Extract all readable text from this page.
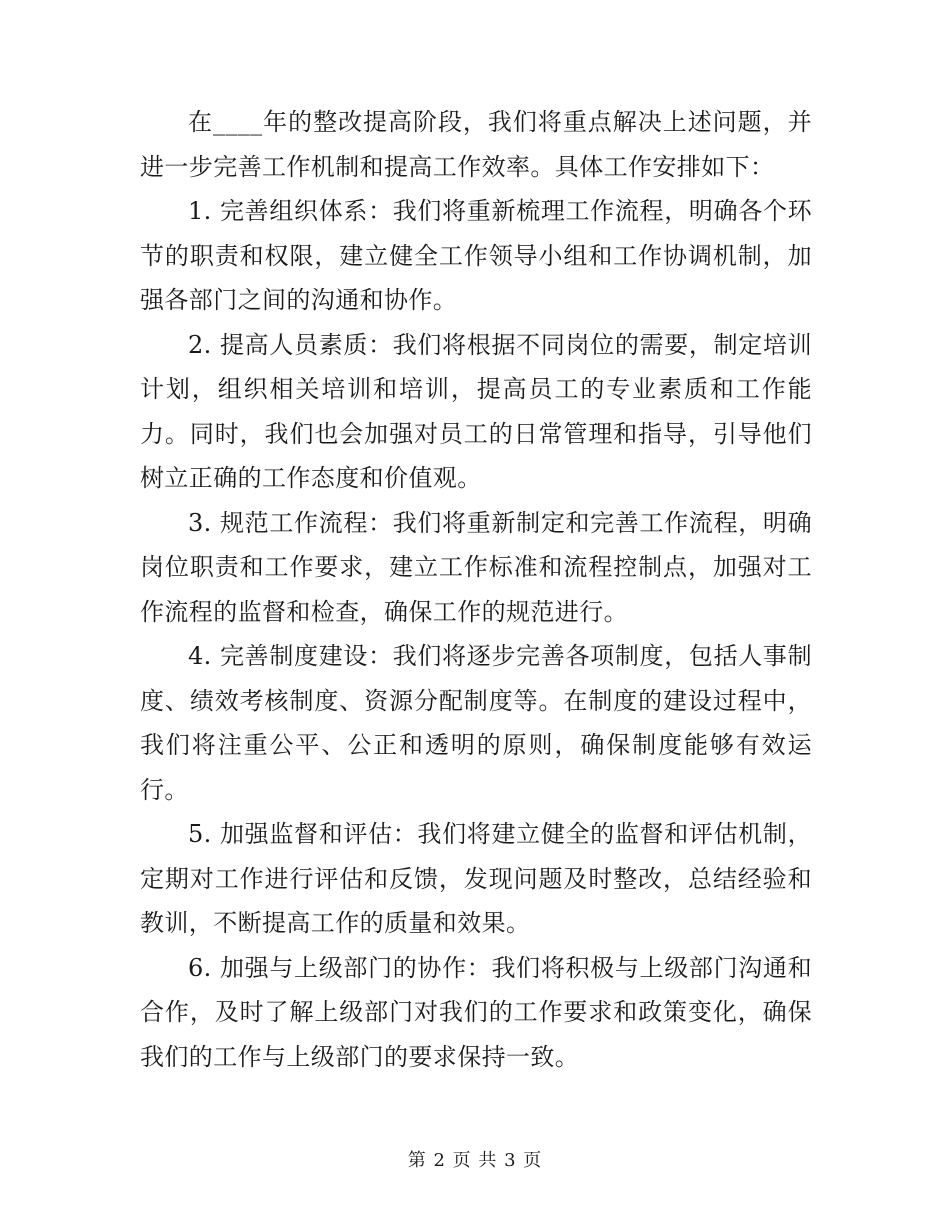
在____年的整改提高阶段，我们将重点解决上述问题，并进一步完善工作机制和提高工作效率。具体工作安排如下：

1. 完善组织体系：我们将重新梳理工作流程，明确各个环节的职责和权限，建立健全工作领导小组和工作协调机制，加强各部门之间的沟通和协作。

2. 提高人员素质：我们将根据不同岗位的需要，制定培训计划，组织相关培训和培训，提高员工的专业素质和工作能力。同时，我们也会加强对员工的日常管理和指导，引导他们树立正确的工作态度和价值观。

3. 规范工作流程：我们将重新制定和完善工作流程，明确岗位职责和工作要求，建立工作标准和流程控制点，加强对工作流程的监督和检查，确保工作的规范进行。

4. 完善制度建设：我们将逐步完善各项制度，包括人事制度、绩效考核制度、资源分配制度等。在制度的建设过程中，我们将注重公平、公正和透明的原则，确保制度能够有效运行。

5. 加强监督和评估：我们将建立健全的监督和评估机制，定期对工作进行评估和反馈，发现问题及时整改，总结经验和教训，不断提高工作的质量和效果。

6. 加强与上级部门的协作：我们将积极与上级部门沟通和合作，及时了解上级部门对我们的工作要求和政策变化，确保我们的工作与上级部门的要求保持一致。

第 2 页 共 3 页
